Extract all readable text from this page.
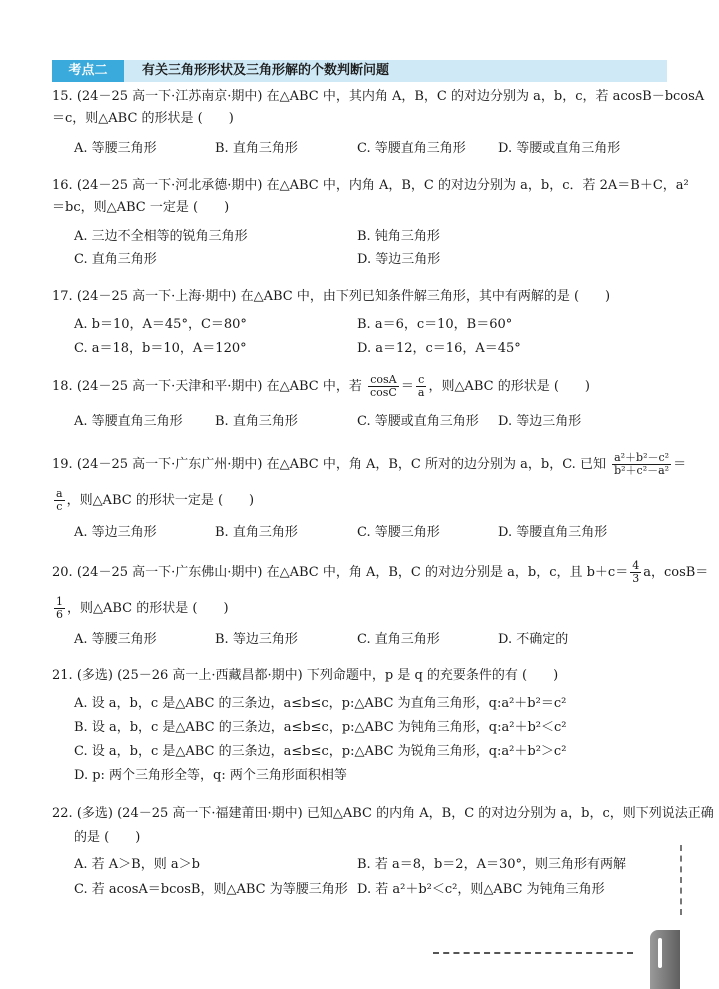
考点二	有关三角形形状及三角形解的个数判断问题
15. (24－25 高一下·江苏南京·期中) 在△ABC 中，其内角 A，B，C 的对边分别为 a，b，c，若 acosB－bcosA
＝c，则△ABC 的形状是 (　　)
A. 等腰三角形	B. 直角三角形	C. 等腰直角三角形 D. 等腰或直角三角形
16. (24－25 高一下·河北承德·期中) 在△ABC 中，内角 A，B，C 的对边分别为 a，b，c．若 2A＝B＋C，a²
＝bc，则△ABC 一定是 (　　)
A. 三边不全相等的锐角三角形	B. 钝角三角形
C. 直角三角形	D. 等边三角形
17. (24－25 高一下·上海·期中) 在△ABC 中，由下列已知条件解三角形，其中有两解的是 (　　)
A. b＝10，A＝45°，C＝80°	B. a＝6，c＝10，B＝60°
C. a＝18，b＝10，A＝120°	D. a＝12，c＝16，A＝45°
18. (24－25 高一下·天津和平·期中) 在△ABC 中，若 $\frac{\cos A}{\cos C} = \frac{c}{a}$ ，则△ABC 的形状是 (　　)
A. 等腰直角三角形 B. 直角三角形	C. 等腰或直角三角形 D. 等边三角形
19. (24－25 高一下·广东广州·期中) 在△ABC 中，角 A，B，C 所对的边分别为 a，b，C. 已知 $\frac{\text{a²＋b²－c²}}{\text{b²＋c²－a²}}$ ＝
$\frac{a}{c}$ ，则△ABC 的形状一定是 (　　)
A. 等边三角形	B. 直角三角形	C. 等腰三角形	D. 等腰直角三角形
20. (24－25 高一下·广东佛山·期中) 在△ABC 中，角 A，B，C 的对边分别是 a，b，c，且 $b+c= \frac{4}{3}$ a，cosB＝
$\frac{1}{6}$ ，则△ABC 的形状是 (　　)
A. 等腰三角形	B. 等边三角形	C. 直角三角形	D. 不确定的
21. (多选) (25－26 高一上·西藏昌都·期中) 下列命题中，p 是 q 的充要条件的有 (　　)
A. 设 a，b，c 是△ABC 的三条边，a≤b≤c，p:△ABC 为直角三角形，q:a²＋b²＝c²
B. 设 a，b，c 是△ABC 的三条边，a≤b≤c，p:△ABC 为钝角三角形，q:a²＋b²＜c²
C. 设 a，b，c 是△ABC 的三条边，a≤b≤c，p:△ABC 为锐角三角形，q:a²＋b²＞c²
D. p: 两个三角形全等，q: 两个三角形面积相等
22. (多选) (24－25 高一下·福建莆田·期中) 已知△ABC 的内角 A，B，C 的对边分别为 a，b，c，则下列说法正确
的是 (　　)
A. 若 A＞B，则 a＞b	B. 若 a＝8，b＝2，A＝30°，则三角形有两解
C. 若 acosA＝bcosB，则△ABC 为等腰三角形 D. 若 a²＋b²＜c²，则△ABC 为钝角三角形
